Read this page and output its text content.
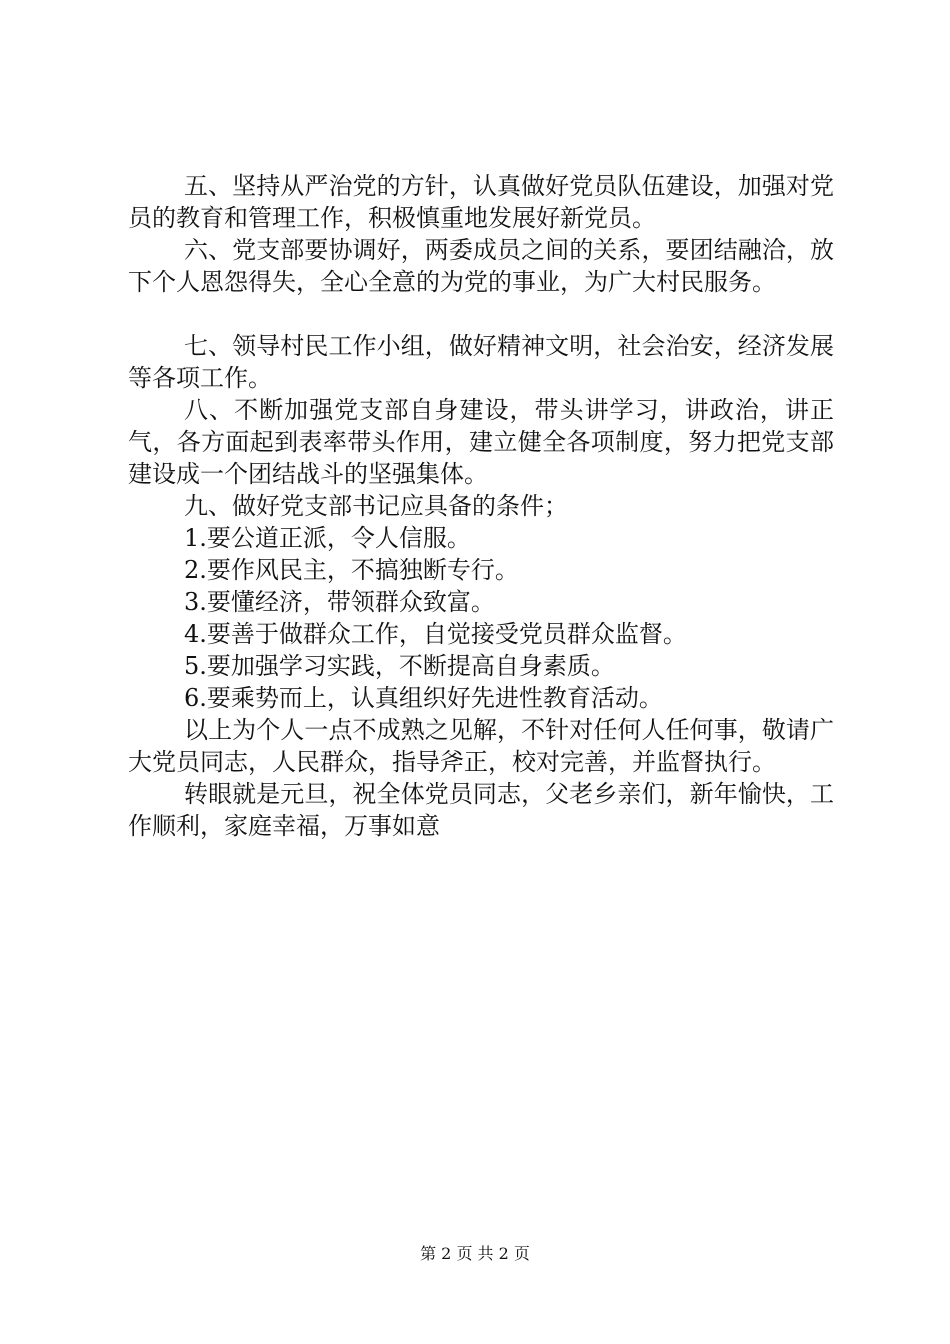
五、坚持从严治党的方针，认真做好党员队伍建设，加强对党员的教育和管理工作，积极慎重地发展好新党员。

六、党支部要协调好，两委成员之间的关系，要团结融洽，放下个人恩怨得失，全心全意的为党的事业，为广大村民服务。

七、领导村民工作小组，做好精神文明，社会治安，经济发展等各项工作。

八、不断加强党支部自身建设，带头讲学习，讲政治，讲正气，各方面起到表率带头作用，建立健全各项制度，努力把党支部建设成一个团结战斗的坚强集体。

九、做好党支部书记应具备的条件；

1.要公道正派，令人信服。

2.要作风民主，不搞独断专行。

3.要懂经济，带领群众致富。

4.要善于做群众工作，自觉接受党员群众监督。

5.要加强学习实践，不断提高自身素质。

6.要乘势而上，认真组织好先进性教育活动。

以上为个人一点不成熟之见解，不针对任何人任何事，敬请广大党员同志，人民群众，指导斧正，校对完善，并监督执行。

转眼就是元旦，祝全体党员同志，父老乡亲们，新年愉快，工作顺利，家庭幸福，万事如意

第 2 页 共 2 页
